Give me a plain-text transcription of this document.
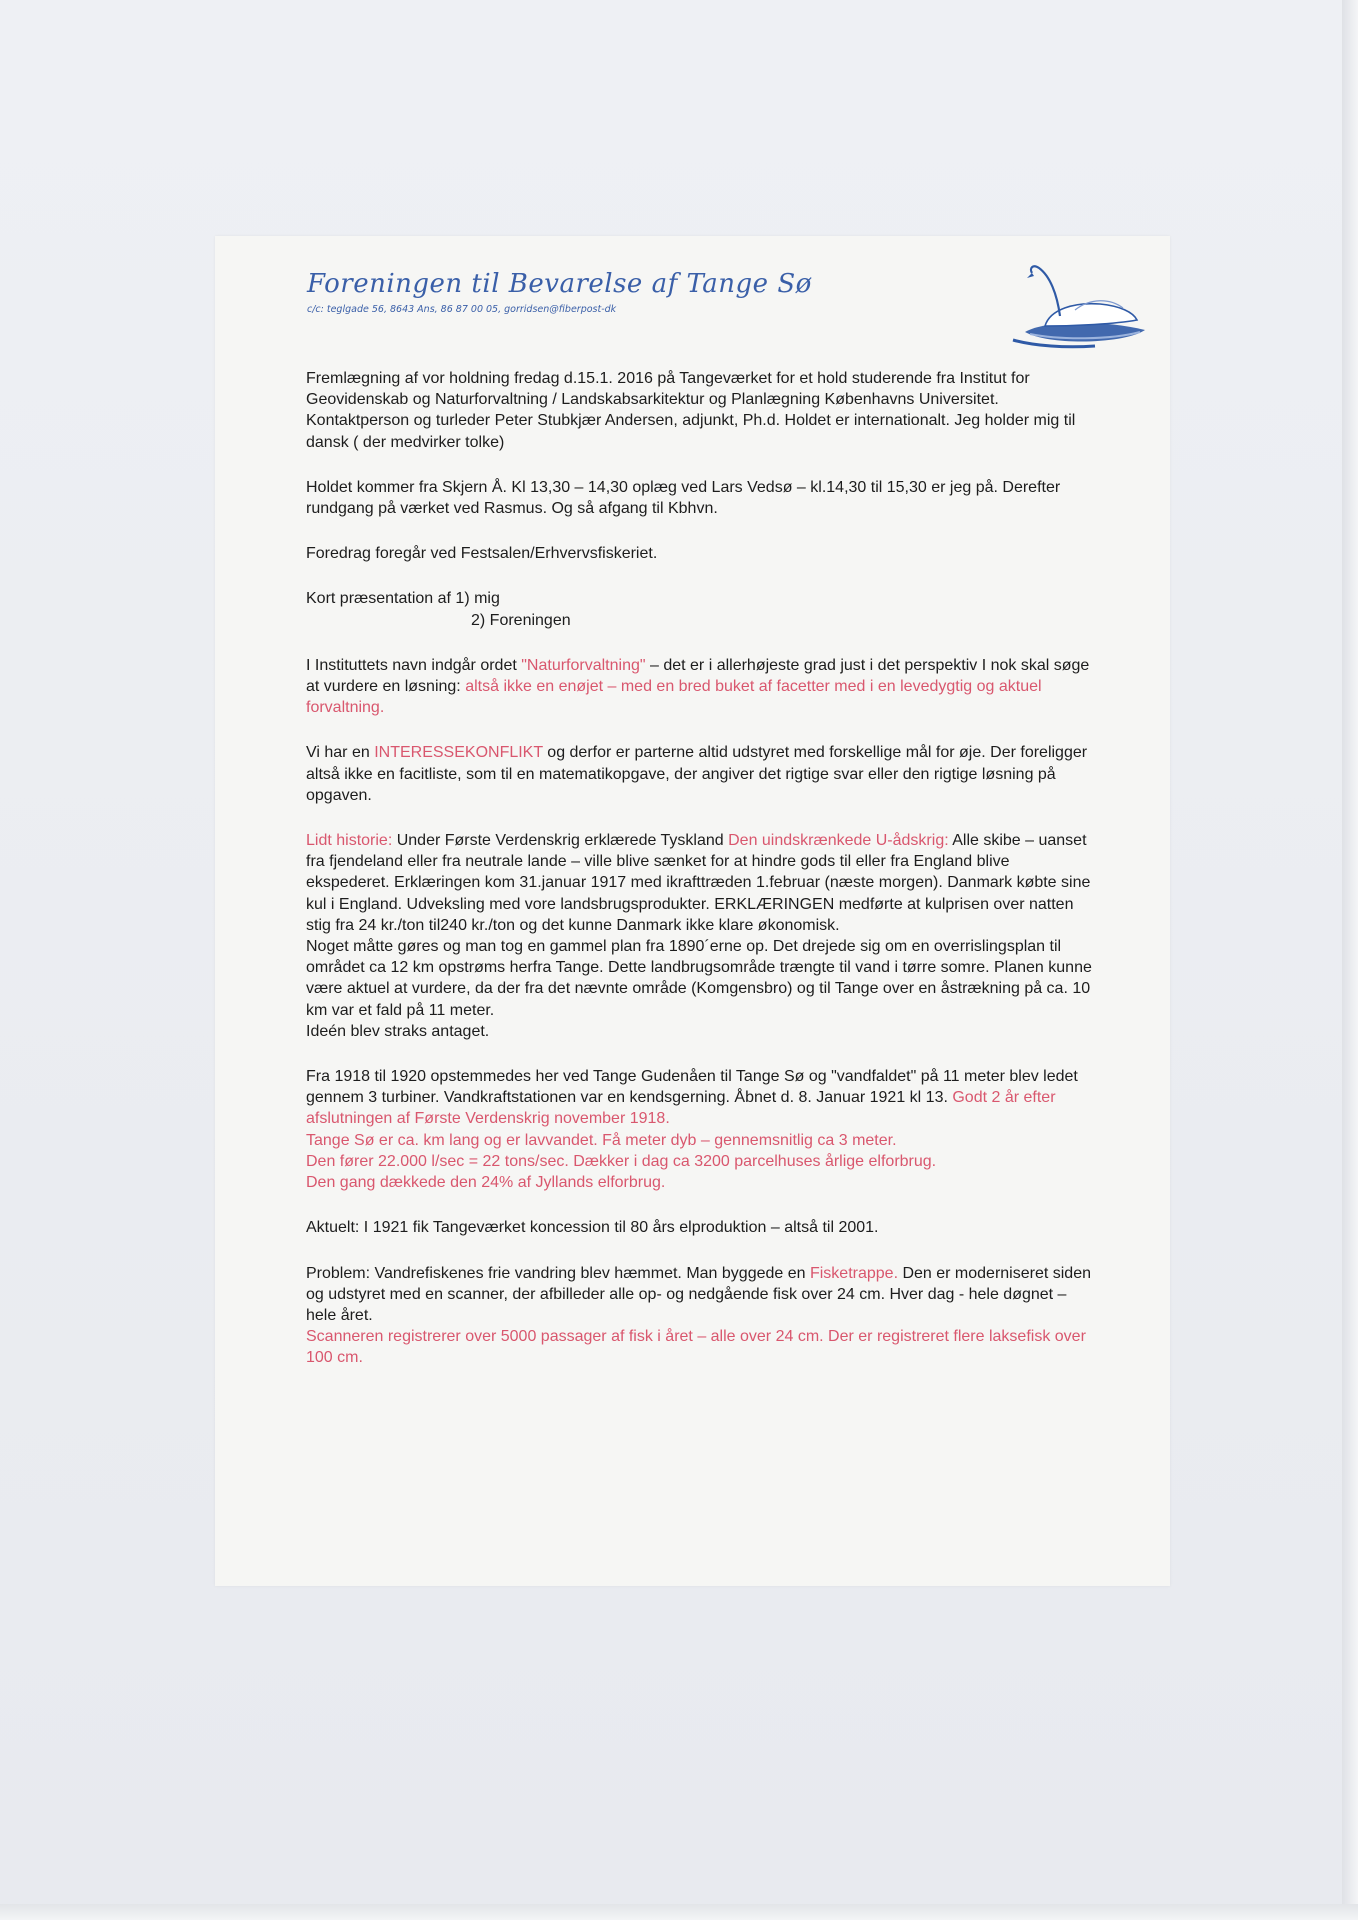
Foreningen til Bevarelse af Tange Sø
c/c: teglgade 56, 8643 Ans, 86 87 00 05, gorridsen@fiberpost-dk

Fremlægning af vor holdning fredag d.15.1. 2016 på Tangeværket for et hold studerende fra Institut for Geovidenskab og Naturforvaltning / Landskabsarkitektur og Planlægning Københavns Universitet. Kontaktperson og turleder Peter Stubkjær Andersen, adjunkt, Ph.d. Holdet er internationalt. Jeg holder mig til dansk ( der medvirker tolke)

Holdet kommer fra Skjern Å. Kl 13,30 – 14,30 oplæg ved Lars Vedsø – kl.14,30 til 15,30 er jeg på. Derefter rundgang på værket ved Rasmus. Og så afgang til Kbhvn.

Foredrag foregår ved Festsalen/Erhvervsfiskeriet.

Kort præsentation af 1) mig
2) Foreningen

I Instituttets navn indgår ordet "Naturforvaltning" – det er i allerhøjeste grad just i det perspektiv I nok skal søge at vurdere en løsning: altså ikke en enøjet – med en bred buket af facetter med i en levedygtig og aktuel forvaltning.

Vi har en INTERESSEKONFLIKT og derfor er parterne altid udstyret med forskellige mål for øje. Der foreligger altså ikke en facitliste, som til en matematikopgave, der angiver det rigtige svar eller den rigtige løsning på opgaven.

Lidt historie: Under Første Verdenskrig erklærede Tyskland Den uindskrænkede U-ådskrig: Alle skibe – uanset fra fjendeland eller fra neutrale lande – ville blive sænket for at hindre gods til eller fra England blive ekspederet. Erklæringen kom 31.januar 1917 med ikrafttræden 1.februar (næste morgen). Danmark købte sine kul i England. Udveksling med vore landsbrugsprodukter. ERKLÆRINGEN medførte at kulprisen over natten stig fra 24 kr./ton til240 kr./ton og det kunne Danmark ikke klare økonomisk.
Noget måtte gøres og man tog en gammel plan fra 1890´erne op. Det drejede sig om en overrislingsplan til området ca 12 km opstrøms herfra Tange. Dette landbrugsområde trængte til vand i tørre somre. Planen kunne være aktuel at vurdere, da der fra det nævnte område (Komgensbro) og til Tange over en åstrækning på ca. 10 km var et fald på 11 meter.
Ideén blev straks antaget.

Fra 1918 til 1920 opstemmedes her ved Tange Gudenåen til Tange Sø og "vandfaldet" på 11 meter blev ledet gennem 3 turbiner. Vandkraftstationen var en kendsgerning. Åbnet d. 8. Januar 1921 kl 13. Godt 2 år efter afslutningen af Første Verdenskrig november 1918.
Tange Sø er ca. km lang og er lavvandet. Få meter dyb – gennemsnitlig ca 3 meter.
Den fører 22.000 l/sec = 22 tons/sec. Dækker i dag ca 3200 parcelhuses årlige elforbrug.
Den gang dækkede den 24% af Jyllands elforbrug.

Aktuelt: I 1921 fik Tangeværket koncession til 80 års elproduktion – altså til 2001.

Problem: Vandrefiskenes frie vandring blev hæmmet. Man byggede en Fisketrappe. Den er moderniseret siden og udstyret med en scanner, der afbilleder alle op- og nedgående fisk over 24 cm. Hver dag - hele døgnet – hele året.
Scanneren registrerer over 5000 passager af fisk i året – alle over 24 cm. Der er registreret flere laksefisk over 100 cm.
